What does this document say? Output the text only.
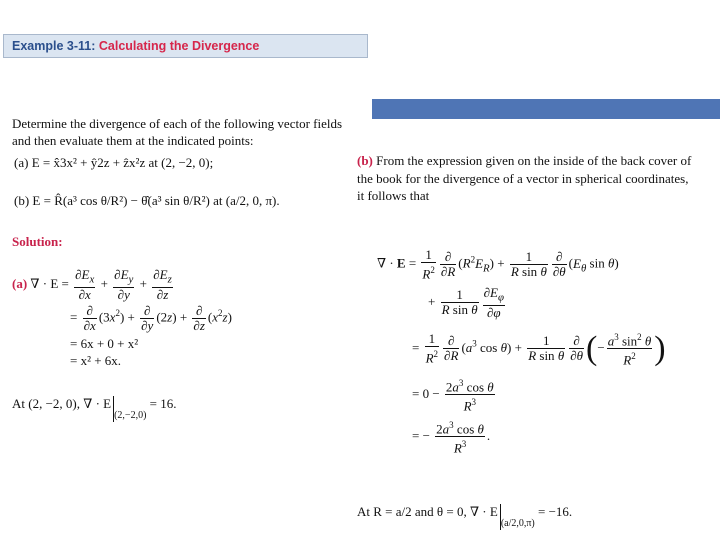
Example 3-11: Calculating the Divergence
Determine the divergence of each of the following vector fields
and then evaluate them at the indicated points:
(a) E = x̂3x² + ŷ2z + ẑx²z at (2, −2, 0);
(b) E = R̂(a³ cos θ/R²) − θ̂(a³ sin θ/R²) at (a/2, 0, π).
Solution:
(a) ∇ · $E = \frac{\partial E_x}{\partial x} + \frac{\partial E_y}{\partial y} + \frac{\partial E_z}{\partial z}$
= $\frac{\partial}{\partial x} (3x^2) + \frac{\partial}{\partial y} (2z) + \frac{\partial}{\partial z} (x^2z)$
= 6x + 0 + x²
= x² + 6x.
At (2, −2, 0), ∇ · $E_{(2,-2,0)} = 16$.
(b) From the expression given on the inside of the back cover of
the book for the divergence of a vector in spherical coordinates,
it follows that
∇ · $E = \frac{1}{R^2} \frac{\partial}{\partial R} (R^2E_R) + \frac{1}{\text{R sin θ}} \frac{\partial}{\partial\theta} (E_\theta$ sin θ)
+ $\frac{1}{\text{R sin θ}} \frac{\partial E_\varphi}{\partial\varphi}$
= $\frac{1}{R^2} \frac{\partial}{\partial R} (a^3$ $\cos \theta) + \frac{1}{\text{R sin θ}} \frac{\partial}{\partial\theta}$ (− $\frac{a^3 \sin^2 \theta}{R^2}$ )
= $0 - \frac{2a^3 \cos \theta}{R^3}$
= − $\frac{2a^3 \cos \theta}{R^3}$ .
At R = a/2 and θ = 0, ∇ · $E_{(a/2,0,\pi)} = -16$.
